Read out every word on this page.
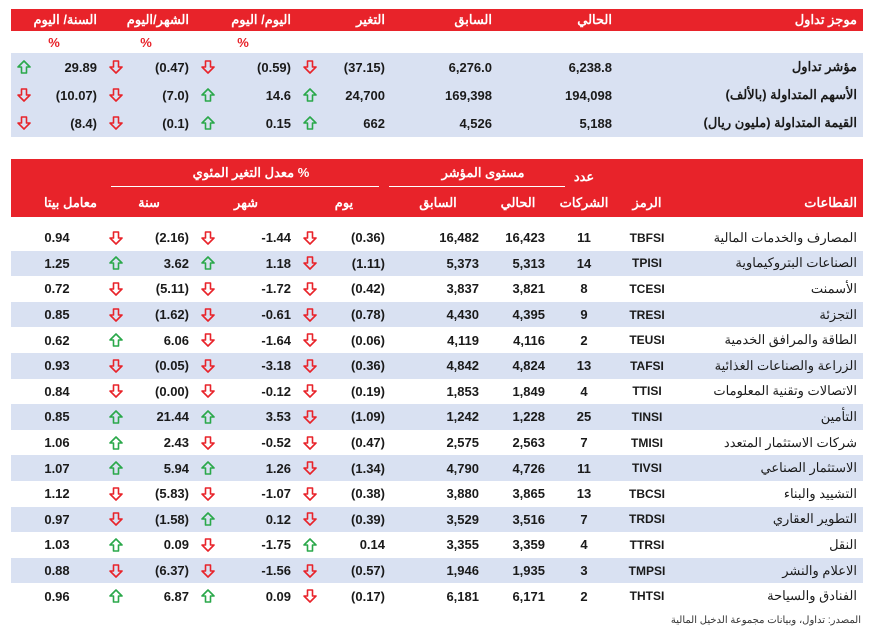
السنة/ اليوم	الشهر/اليوم	اليوم/ اليوم	التغير	السابق	الحالي	موجز تداول
%	%	%
29.89	(0.47)	(0.59)	(37.15)	6,276.0	6,238.8	مؤشر تداول
(10.07)	(7.0)	14.6	24,700	169,398	194,098	الأسهم المتداولة (بالألف)
(8.4)	(0.1)	0.15	662	4,526	5,188	القيمة المتداولة (مليون ريال)
معامل بيتا	سنة	شهر	يوم	السابق	الحالي
عدد
الشركات	الرمز	القطاعات
معدل التغير المئوي %	مستوى المؤشر
0.94	(2.16)	-1.44	(0.36)	16,482	16,423	11	TBFSI	المصارف والخدمات المالية
1.25	3.62	1.18	(1.11)	5,373	5,313	14	TPISI	الصناعات البتروكيماوية
0.72	(5.11)	-1.72	(0.42)	3,837	3,821	8	TCESI	الأسمنت
0.85	(1.62)	-0.61	(0.78)	4,430	4,395	9	TRESI	التجزئة
0.62	6.06	-1.64	(0.06)	4,119	4,116	2	TEUSI	الطاقة والمرافق الخدمية
0.93	(0.05)	-3.18	(0.36)	4,842	4,824	13	TAFSI	الزراعة والصناعات الغذائية
0.84	(0.00)	-0.12	(0.19)	1,853	1,849	4	TTISI	الاتصالات وتقنية المعلومات
0.85	21.44	3.53	(1.09)	1,242	1,228	25	TINSI	التأمين
1.06	2.43	-0.52	(0.47)	2,575	2,563	7	TMISI	شركات الاستثمار المتعدد
1.07	5.94	1.26	(1.34)	4,790	4,726	11	TIVSI	الاستثمار الصناعي
1.12	(5.83)	-1.07	(0.38)	3,880	3,865	13	TBCSI	التشييد والبناء
0.97	(1.58)	0.12	(0.39)	3,529	3,516	7	TRDSI	التطوير العقاري
1.03	0.09	-1.75	0.14	3,355	3,359	4	TTRSI	النقل
0.88	(6.37)	-1.56	(0.57)	1,946	1,935	3	TMPSI	الاعلام والنشر
0.96	6.87	0.09	(0.17)	6,181	6,171	2	THTSI	الفنادق والسياحة
المصدر: تداول، وبيانات مجموعة الدخيل المالية
